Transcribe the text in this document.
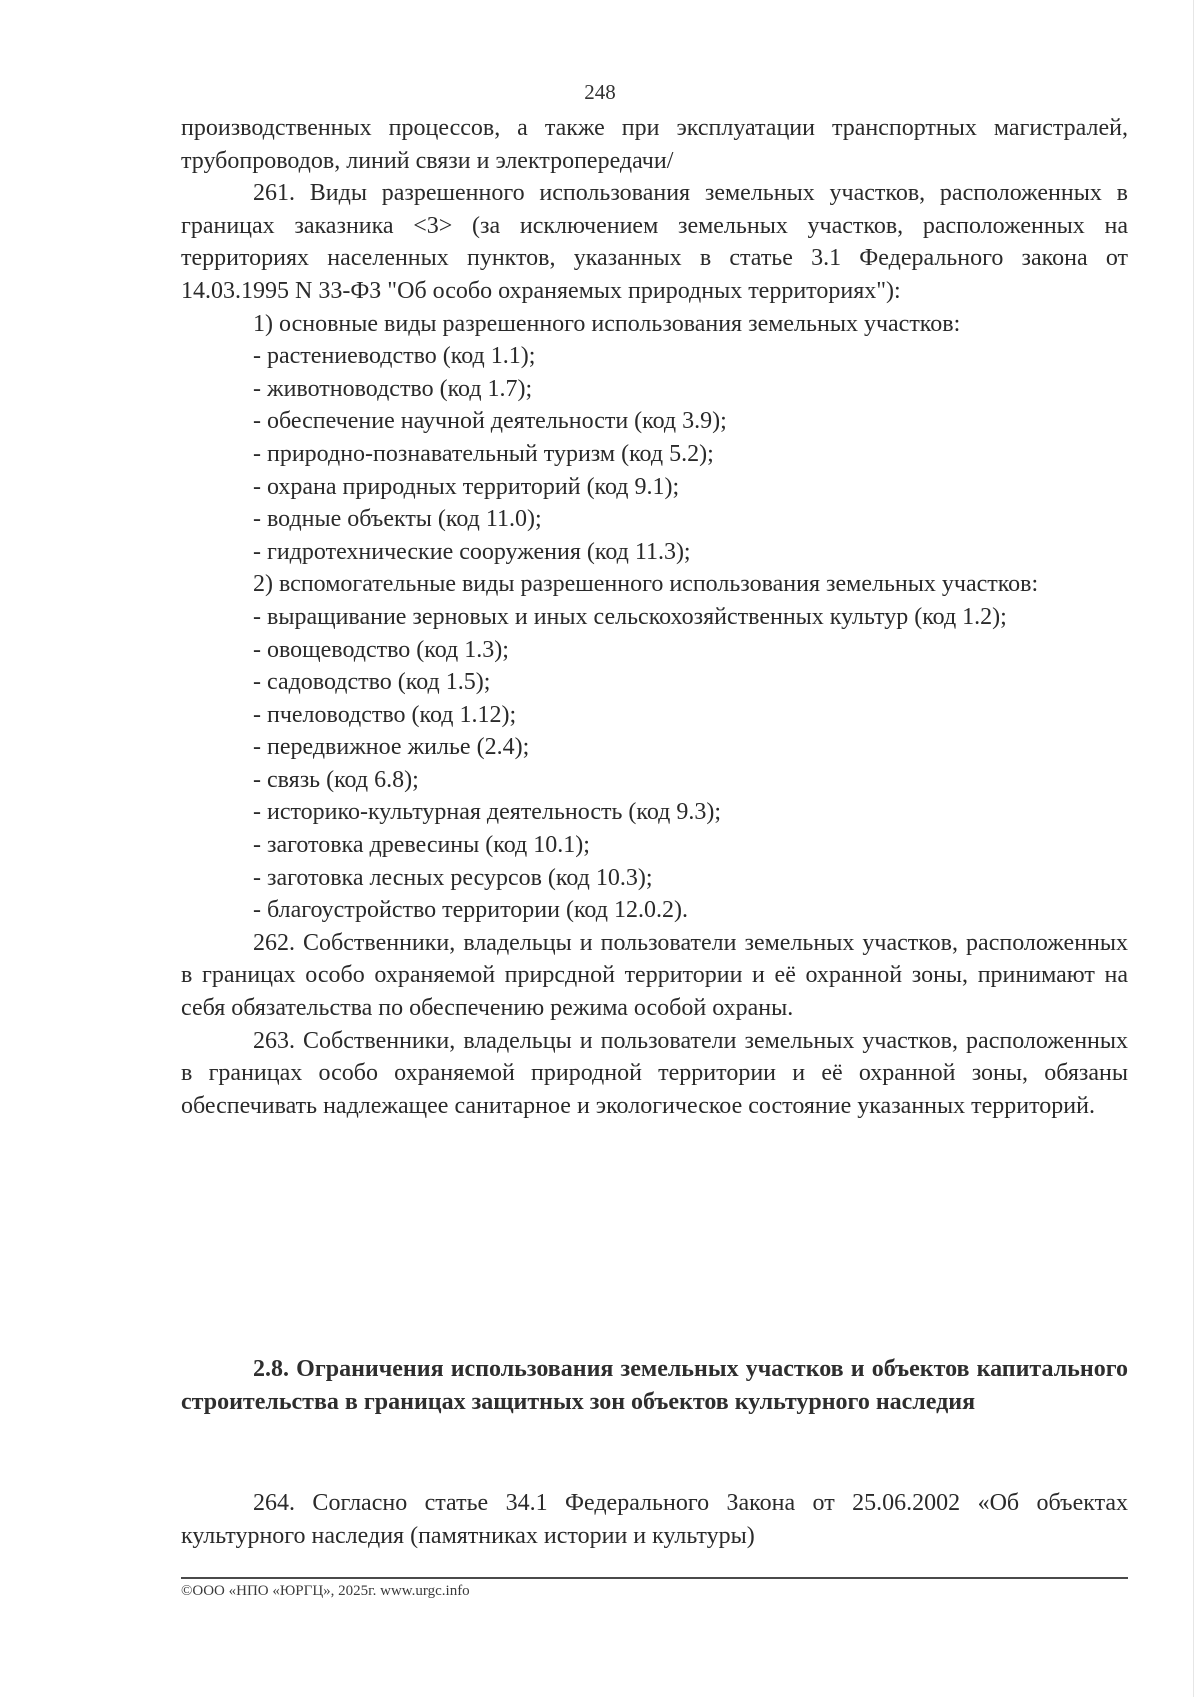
248

производственных процессов, а также при эксплуатации транспортных магистралей, трубопроводов, линий связи и электропередачи/

261. Виды разрешенного использования земельных участков, расположенных в границах заказника <3> (за исключением земельных участков, расположенных на территориях населенных пунктов, указанных в статье 3.1 Федерального закона от 14.03.1995 N 33-ФЗ "Об особо охраняемых природных территориях"):

1) основные виды разрешенного использования земельных участков:

- растениеводство (код 1.1);

- животноводство (код 1.7);

- обеспечение научной деятельности (код 3.9);

- природно-познавательный туризм (код 5.2);

- охрана природных территорий (код 9.1);

- водные объекты (код 11.0);

- гидротехнические сооружения (код 11.3);

2) вспомогательные виды разрешенного использования земельных участков:

- выращивание зерновых и иных сельскохозяйственных культур (код 1.2);

- овощеводство (код 1.3);

- садоводство (код 1.5);

- пчеловодство (код 1.12);

- передвижное жилье (2.4);

- связь (код 6.8);

- историко-культурная деятельность (код 9.3);

- заготовка древесины (код 10.1);

- заготовка лесных ресурсов (код 10.3);

- благоустройство территории (код 12.0.2).

262. Собственники, владельцы и пользователи земельных участков, расположенных в границах особо охраняемой прирсдной территории и её охранной зоны, принимают на себя обязательства по обеспечению режима особой охраны.

263. Собственники, владельцы и пользователи земельных участков, расположенных в границах особо охраняемой природной территории и её охранной зоны, обязаны обеспечивать надлежащее санитарное и экологическое состояние указанных территорий.

2.8. Ограничения использования земельных участков и объектов капитального строительства в границах защитных зон объектов культурного наследия

264. Согласно статье 34.1 Федерального Закона от 25.06.2002 «Об объектах культурного наследия (памятниках истории и культуры)

©ООО «НПО «ЮРГЦ», 2025г. www.urgc.info
